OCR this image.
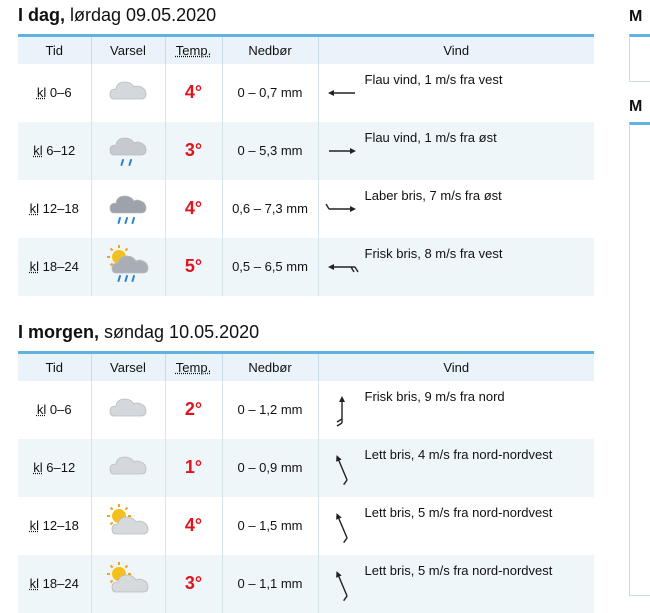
I dag, lørdag 09.05.2020
Tid	Varsel	Temp.	Nedbør	Vind
kl 0–6		4°	0 – 0,7 mm	Flau vind, 1 m/s fra vest

kl 6–12		3°	0 – 5,3 mm	Flau vind, 1 m/s fra øst

kl 12–18		4°	0,6 – 7,3 mm	Laber bris, 7 m/s fra øst

kl 18–24		5°	0,5 – 6,5 mm	Frisk bris, 8 m/s fra vest
I morgen, søndag 10.05.2020
Tid	Varsel	Temp.	Nedbør	Vind
kl 0–6		2°	0 – 1,2 mm	Frisk bris, 9 m/s fra nord

kl 6–12		1°	0 – 0,9 mm	Lett bris, 4 m/s fra nord-nordvest

kl 12–18		4°	0 – 1,5 mm	Lett bris, 5 m/s fra nord-nordvest

kl 18–24		3°	0 – 1,1 mm	Lett bris, 5 m/s fra nord-nordvest
M
M
